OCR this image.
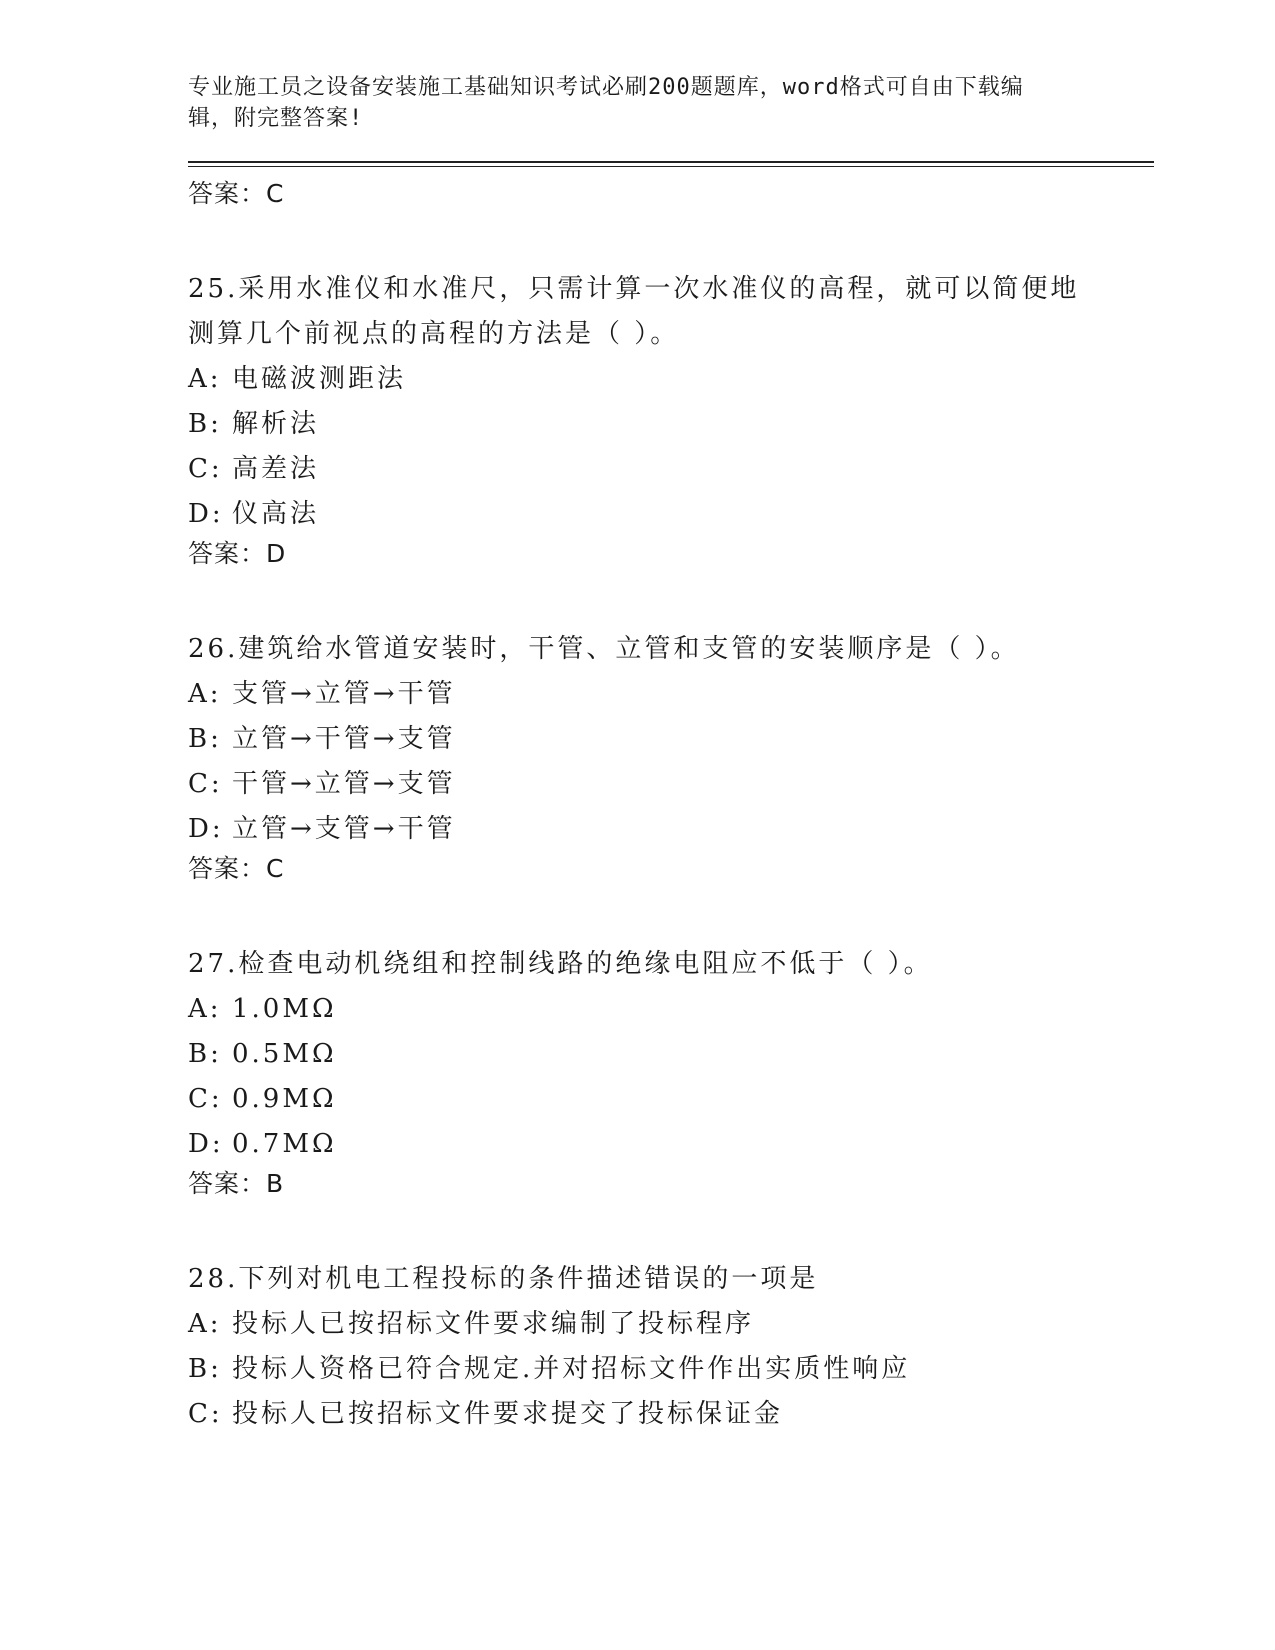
专业施工员之设备安装施工基础知识考试必刷200题题库，word格式可自由下载编辑，附完整答案!

答案：C

25.采用水准仪和水准尺，只需计算一次水准仪的高程，就可以简便地测算几个前视点的高程的方法是（ ）。

A: 电磁波测距法
B: 解析法
C: 高差法
D: 仪高法
答案：D

26.建筑给水管道安装时，干管、立管和支管的安装顺序是（ ）。

A: 支管→立管→干管
B: 立管→干管→支管
C: 干管→立管→支管
D: 立管→支管→干管
答案：C

27.检查电动机绕组和控制线路的绝缘电阻应不低于（ ）。

A: 1.0MΩ
B: 0.5MΩ
C: 0.9MΩ
D: 0.7MΩ
答案：B

28.下列对机电工程投标的条件描述错误的一项是

A: 投标人已按招标文件要求编制了投标程序
B: 投标人资格已符合规定.并对招标文件作出实质性响应
C: 投标人已按招标文件要求提交了投标保证金
